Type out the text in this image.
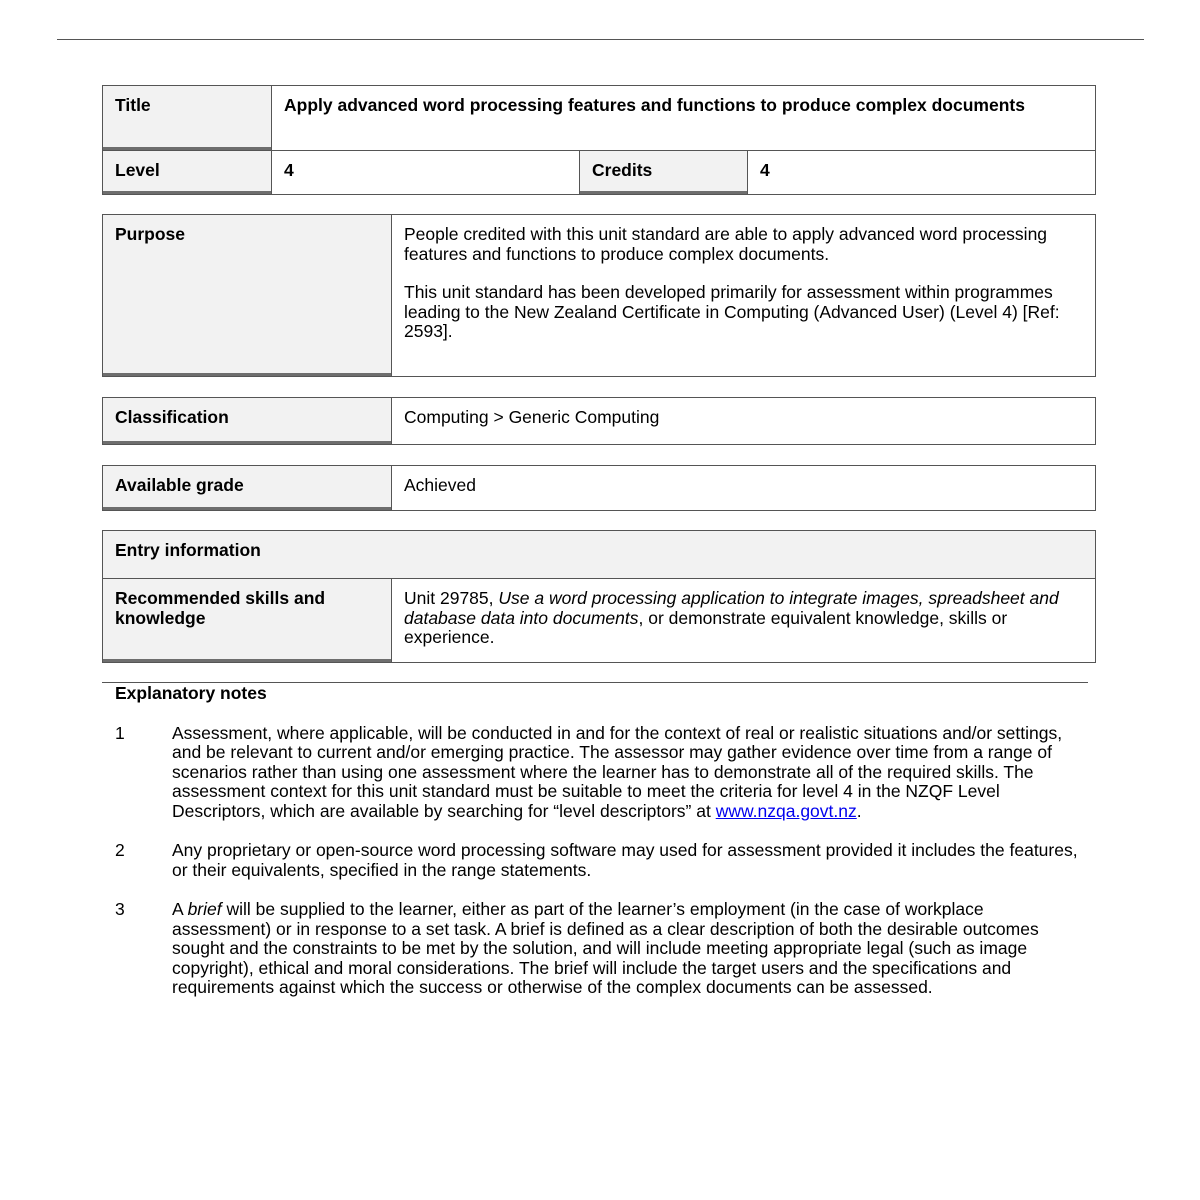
Title	Apply advanced word processing features and functions to produce complex documents		
Level	4	Credits	4
Purpose	People credited with this unit standard are able to apply advanced word processing features and functions to produce complex documents.
This unit standard has been developed primarily for assessment within programmes leading to the New Zealand Certificate in Computing (Advanced User) (Level 4) [Ref: 2593].
Classification	Computing > Generic Computing
Available grade	Achieved
Entry information
Recommended skills and knowledge	Unit 29785, Use a word processing application to integrate images, spreadsheet and database data into documents, or demonstrate equivalent knowledge, skills or experience.
Explanatory notes
1	Assessment, where applicable, will be conducted in and for the context of real or realistic situations and/or settings, and be relevant to current and/or emerging practice. The assessor may gather evidence over time from a range of scenarios rather than using one assessment where the learner has to demonstrate all of the required skills. The assessment context for this unit standard must be suitable to meet the criteria for level 4 in the NZQF Level Descriptors, which are available by searching for “level descriptors” at www.nzqa.govt.nz.
2	Any proprietary or open-source word processing software may used for assessment provided it includes the features, or their equivalents, specified in the range statements.
3	A brief will be supplied to the learner, either as part of the learner’s employment (in the case of workplace assessment) or in response to a set task. A brief is defined as a clear description of both the desirable outcomes sought and the constraints to be met by the solution, and will include meeting appropriate legal (such as image copyright), ethical and moral considerations. The brief will include the target users and the specifications and requirements against which the success or otherwise of the complex documents can be assessed.
